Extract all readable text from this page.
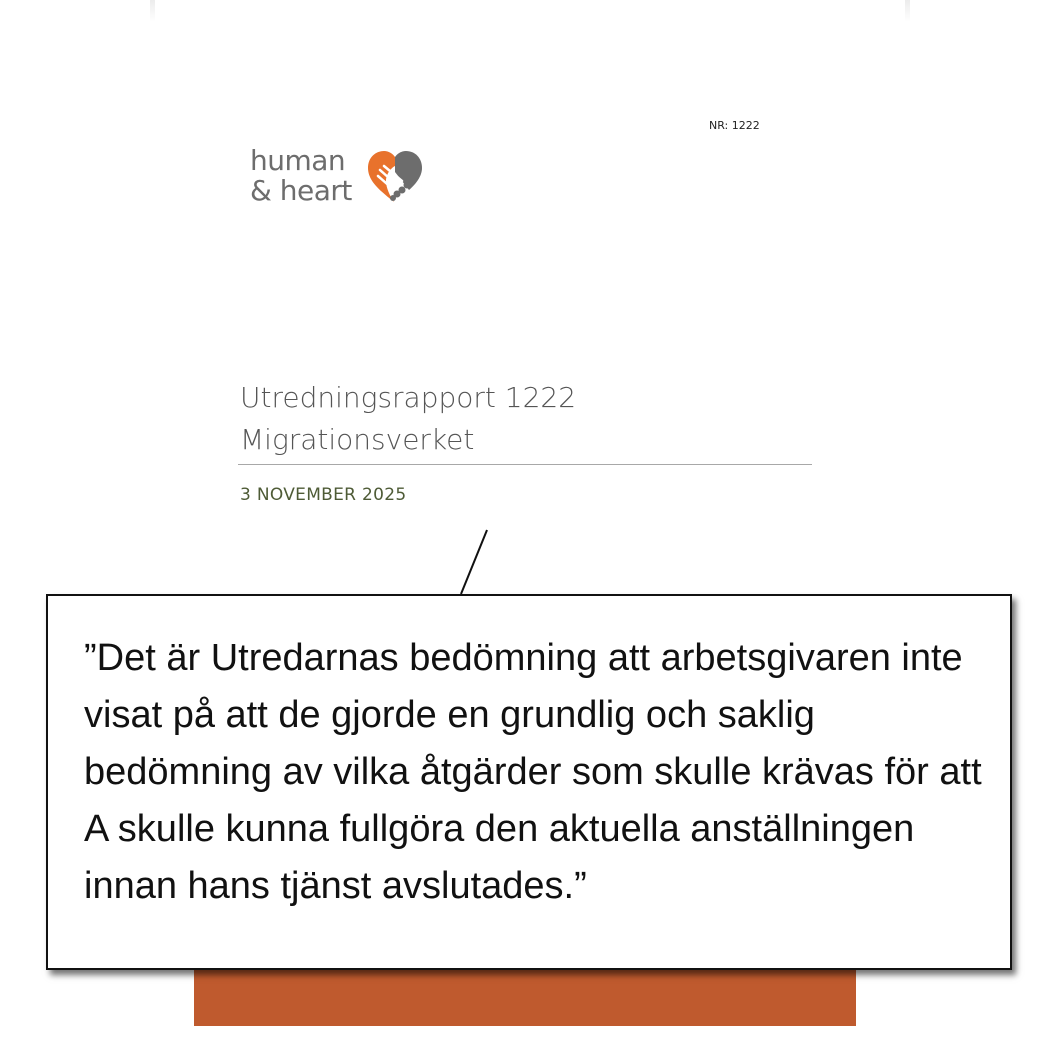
NR: 1222
human
& heart
Utredningsrapport 1222
Migrationsverket
3 NOVEMBER 2025

”Det är Utredarnas bedömning att arbetsgivaren inte visat på att de gjorde en grundlig och saklig bedömning av vilka åtgärder som skulle krävas för att A skulle kunna fullgöra den aktuella anställningen innan hans tjänst avslutades.”
